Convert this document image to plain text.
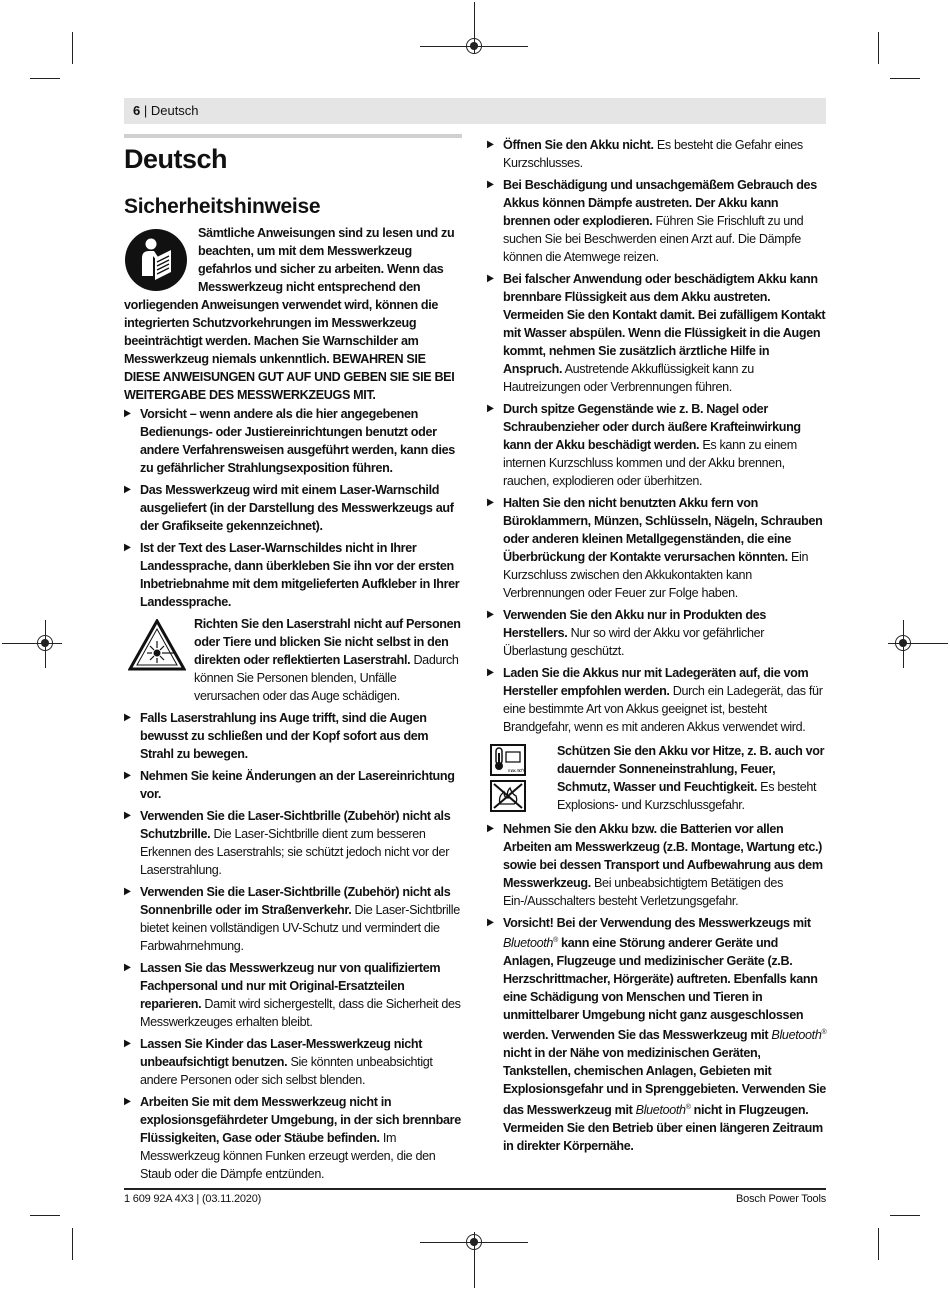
6 | Deutsch
Deutsch
Sicherheitshinweise
Sämtliche Anweisungen sind zu lesen und zu beachten, um mit dem Messwerkzeug gefahrlos und sicher zu arbeiten. Wenn das Messwerkzeug nicht entsprechend den vorliegenden Anweisungen verwendet wird, können die integrierten Schutzvorkehrungen im Messwerkzeug beeinträchtigt werden. Machen Sie Warnschilder am Messwerkzeug niemals unkenntlich. BEWAHREN SIE DIESE ANWEISUNGEN GUT AUF UND GEBEN SIE SIE BEI WEITERGABE DES MESSWERKZEUGS MIT.
▶ Vorsicht – wenn andere als die hier angegebenen Bedienungs- oder Justiereinrichtungen benutzt oder andere Verfahrensweisen ausgeführt werden, kann dies zu gefährlicher Strahlungsexposition führen.
▶ Das Messwerkzeug wird mit einem Laser-Warnschild ausgeliefert (in der Darstellung des Messwerkzeugs auf der Grafikseite gekennzeichnet).
▶ Ist der Text des Laser-Warnschildes nicht in Ihrer Landessprache, dann überkleben Sie ihn vor der ersten Inbetriebnahme mit dem mitgelieferten Aufkleber in Ihrer Landessprache.
Richten Sie den Laserstrahl nicht auf Personen oder Tiere und blicken Sie nicht selbst in den direkten oder reflektierten Laserstrahl. Dadurch können Sie Personen blenden, Unfälle verursachen oder das Auge schädigen.
▶ Falls Laserstrahlung ins Auge trifft, sind die Augen bewusst zu schließen und der Kopf sofort aus dem Strahl zu bewegen.
▶ Nehmen Sie keine Änderungen an der Lasereinrichtung vor.
▶ Verwenden Sie die Laser-Sichtbrille (Zubehör) nicht als Schutzbrille. Die Laser-Sichtbrille dient zum besseren Erkennen des Laserstrahls; sie schützt jedoch nicht vor der Laserstrahlung.
▶ Verwenden Sie die Laser-Sichtbrille (Zubehör) nicht als Sonnenbrille oder im Straßenverkehr. Die Laser-Sichtbrille bietet keinen vollständigen UV-Schutz und vermindert die Farbwahrnehmung.
▶ Lassen Sie das Messwerkzeug nur von qualifiziertem Fachpersonal und nur mit Original-Ersatzteilen reparieren. Damit wird sichergestellt, dass die Sicherheit des Messwerkzeuges erhalten bleibt.
▶ Lassen Sie Kinder das Laser-Messwerkzeug nicht unbeaufsichtigt benutzen. Sie könnten unbeabsichtigt andere Personen oder sich selbst blenden.
▶ Arbeiten Sie mit dem Messwerkzeug nicht in explosionsgefährdeter Umgebung, in der sich brennbare Flüssigkeiten, Gase oder Stäube befinden. Im Messwerkzeug können Funken erzeugt werden, die den Staub oder die Dämpfe entzünden.
▶ Öffnen Sie den Akku nicht. Es besteht die Gefahr eines Kurzschlusses.
▶ Bei Beschädigung und unsachgemäßem Gebrauch des Akkus können Dämpfe austreten. Der Akku kann brennen oder explodieren. Führen Sie Frischluft zu und suchen Sie bei Beschwerden einen Arzt auf. Die Dämpfe können die Atemwege reizen.
▶ Bei falscher Anwendung oder beschädigtem Akku kann brennbare Flüssigkeit aus dem Akku austreten. Vermeiden Sie den Kontakt damit. Bei zufälligem Kontakt mit Wasser abspülen. Wenn die Flüssigkeit in die Augen kommt, nehmen Sie zusätzlich ärztliche Hilfe in Anspruch. Austretende Akkuflüssigkeit kann zu Hautreizungen oder Verbrennungen führen.
▶ Durch spitze Gegenstände wie z. B. Nagel oder Schraubenzieher oder durch äußere Krafteinwirkung kann der Akku beschädigt werden. Es kann zu einem internen Kurzschluss kommen und der Akku brennen, rauchen, explodieren oder überhitzen.
▶ Halten Sie den nicht benutzten Akku fern von Büroklammern, Münzen, Schlüsseln, Nägeln, Schrauben oder anderen kleinen Metallgegenständen, die eine Überbrückung der Kontakte verursachen könnten. Ein Kurzschluss zwischen den Akkukontakten kann Verbrennungen oder Feuer zur Folge haben.
▶ Verwenden Sie den Akku nur in Produkten des Herstellers. Nur so wird der Akku vor gefährlicher Überlastung geschützt.
▶ Laden Sie die Akkus nur mit Ladegeräten auf, die vom Hersteller empfohlen werden. Durch ein Ladegerät, das für eine bestimmte Art von Akkus geeignet ist, besteht Brandgefahr, wenn es mit anderen Akkus verwendet wird.
max. 50°C
Schützen Sie den Akku vor Hitze, z. B. auch vor dauernder Sonneneinstrahlung, Feuer, Schmutz, Wasser und Feuchtigkeit. Es besteht Explosions- und Kurzschlussgefahr.
▶ Nehmen Sie den Akku bzw. die Batterien vor allen Arbeiten am Messwerkzeug (z.B. Montage, Wartung etc.) sowie bei dessen Transport und Aufbewahrung aus dem Messwerkzeug. Bei unbeabsichtigtem Betätigen des Ein-/Ausschalters besteht Verletzungsgefahr.
▶ Vorsicht! Bei der Verwendung des Messwerkzeugs mit Bluetooth® kann eine Störung anderer Geräte und Anlagen, Flugzeuge und medizinischer Geräte (z.B. Herzschrittmacher, Hörgeräte) auftreten. Ebenfalls kann eine Schädigung von Menschen und Tieren in unmittelbarer Umgebung nicht ganz ausgeschlossen werden. Verwenden Sie das Messwerkzeug mit Bluetooth® nicht in der Nähe von medizinischen Geräten, Tankstellen, chemischen Anlagen, Gebieten mit Explosionsgefahr und in Sprenggebieten. Verwenden Sie das Messwerkzeug mit Bluetooth® nicht in Flugzeugen. Vermeiden Sie den Betrieb über einen längeren Zeitraum in direkter Körpernähe.
1 609 92A 4X3 | (03.11.2020)	Bosch Power Tools
